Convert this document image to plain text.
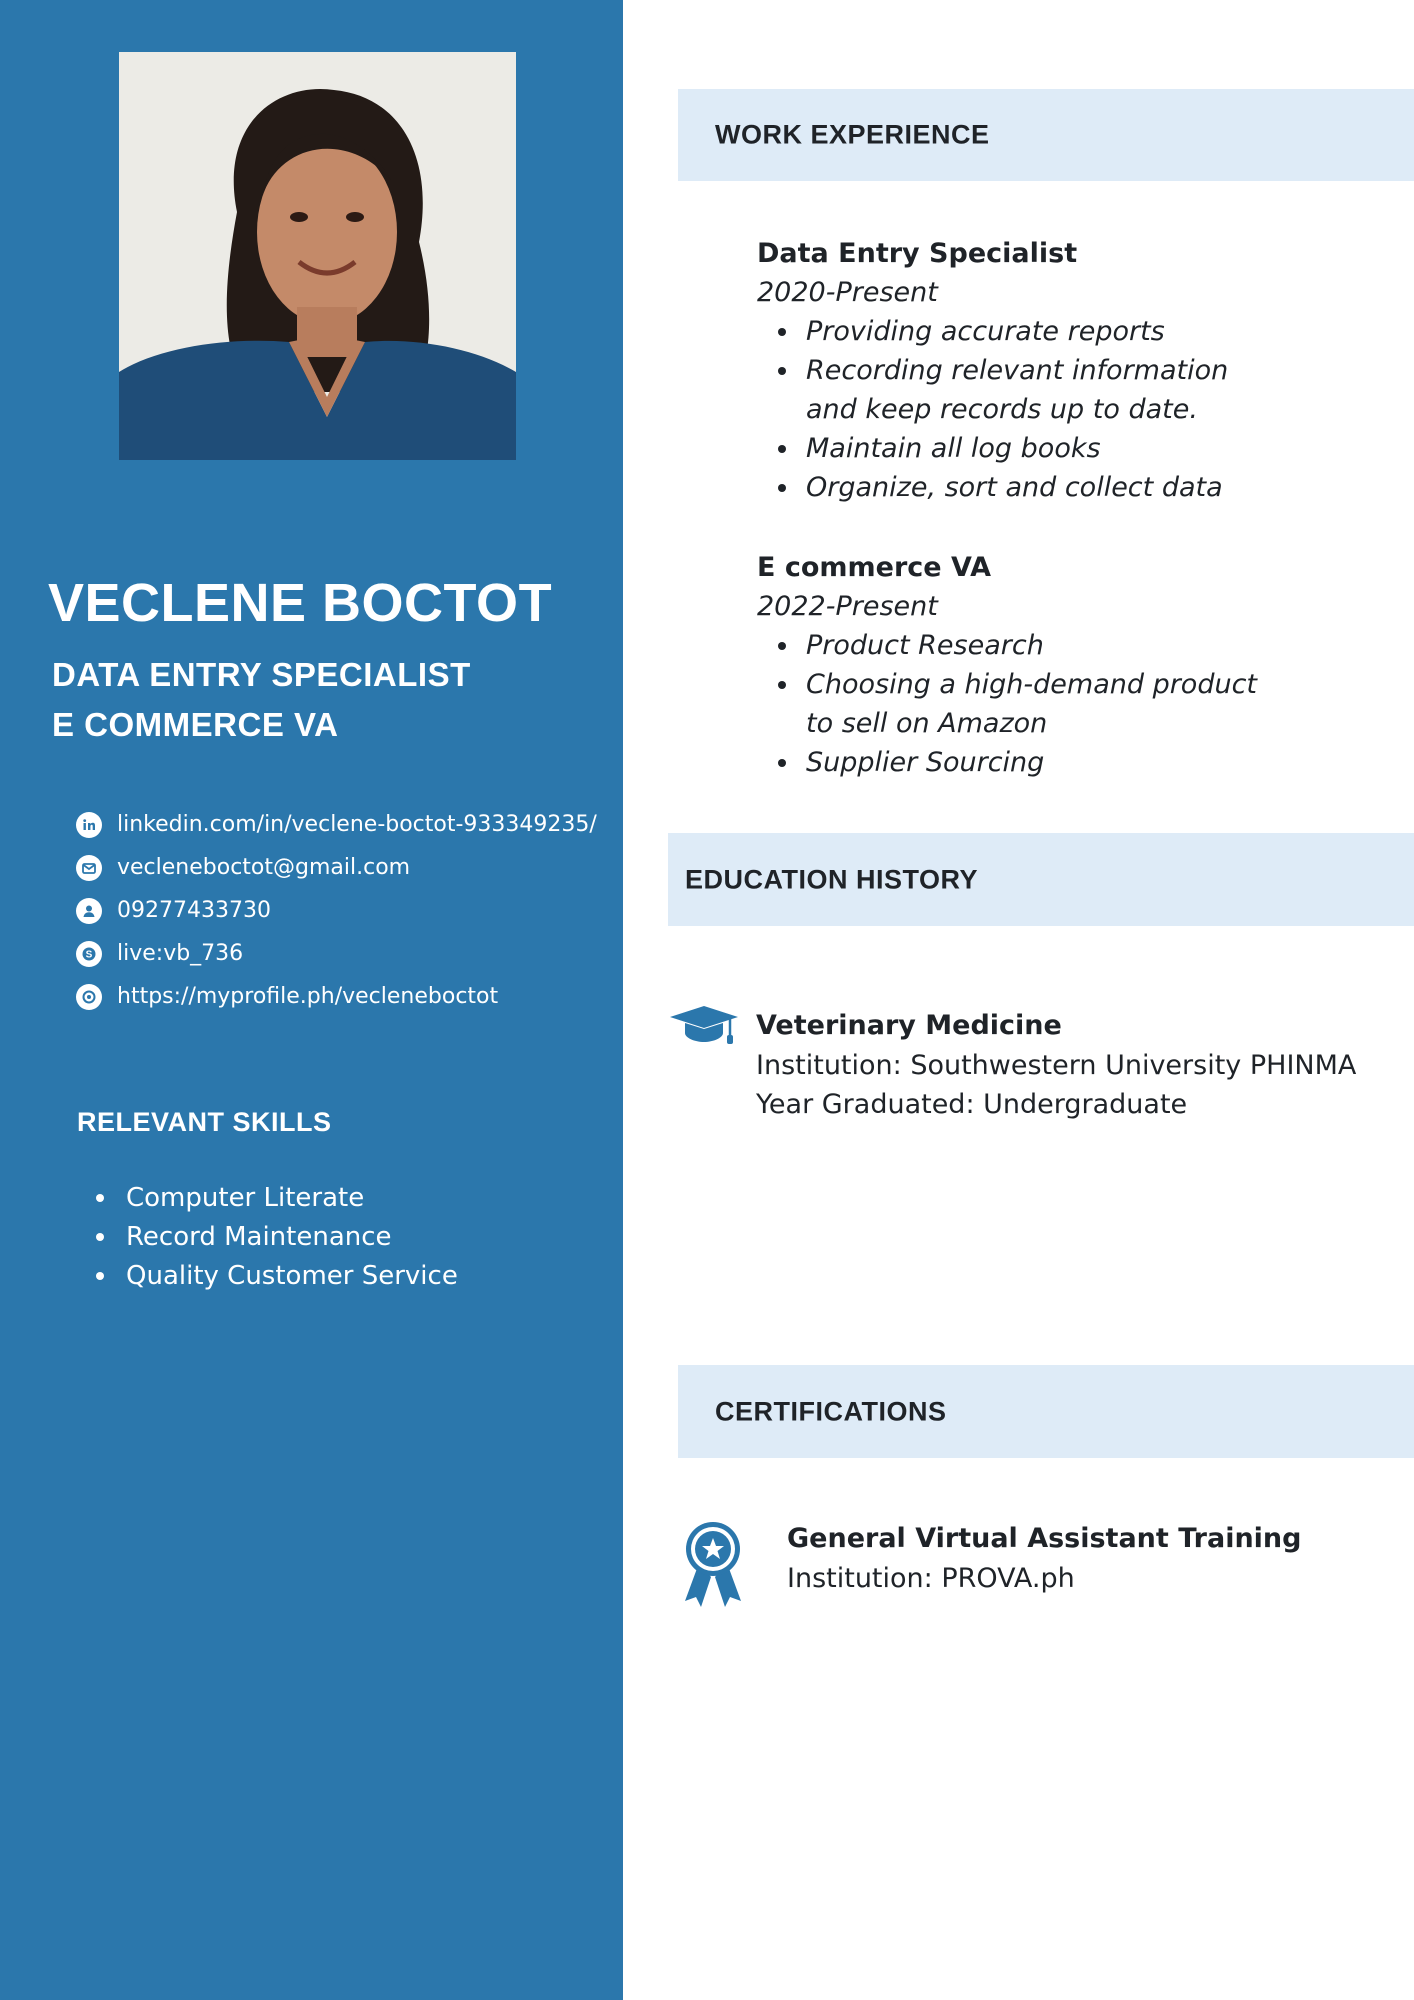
VECLENE BOCTOT
DATA ENTRY SPECIALIST
E COMMERCE VA
linkedin.com/in/veclene-boctot-933349235/
vecleneboctot@gmail.com
09277433730
S live:vb_736
https://myprofile.ph/vecleneboctot
RELEVANT SKILLS
Computer Literate
Record Maintenance
Quality Customer Service
WORK EXPERIENCE
Data Entry Specialist
2020-Present
Providing accurate reports
Recording relevant information and keep records up to date.
Maintain all log books
Organize, sort and collect data
E commerce VA
2022-Present
Product Research
Choosing a high-demand product to sell on Amazon
Supplier Sourcing
EDUCATION HISTORY
Veterinary Medicine
Institution: Southwestern University PHINMA
Year Graduated: Undergraduate
CERTIFICATIONS
General Virtual Assistant Training
Institution: PROVA.ph
